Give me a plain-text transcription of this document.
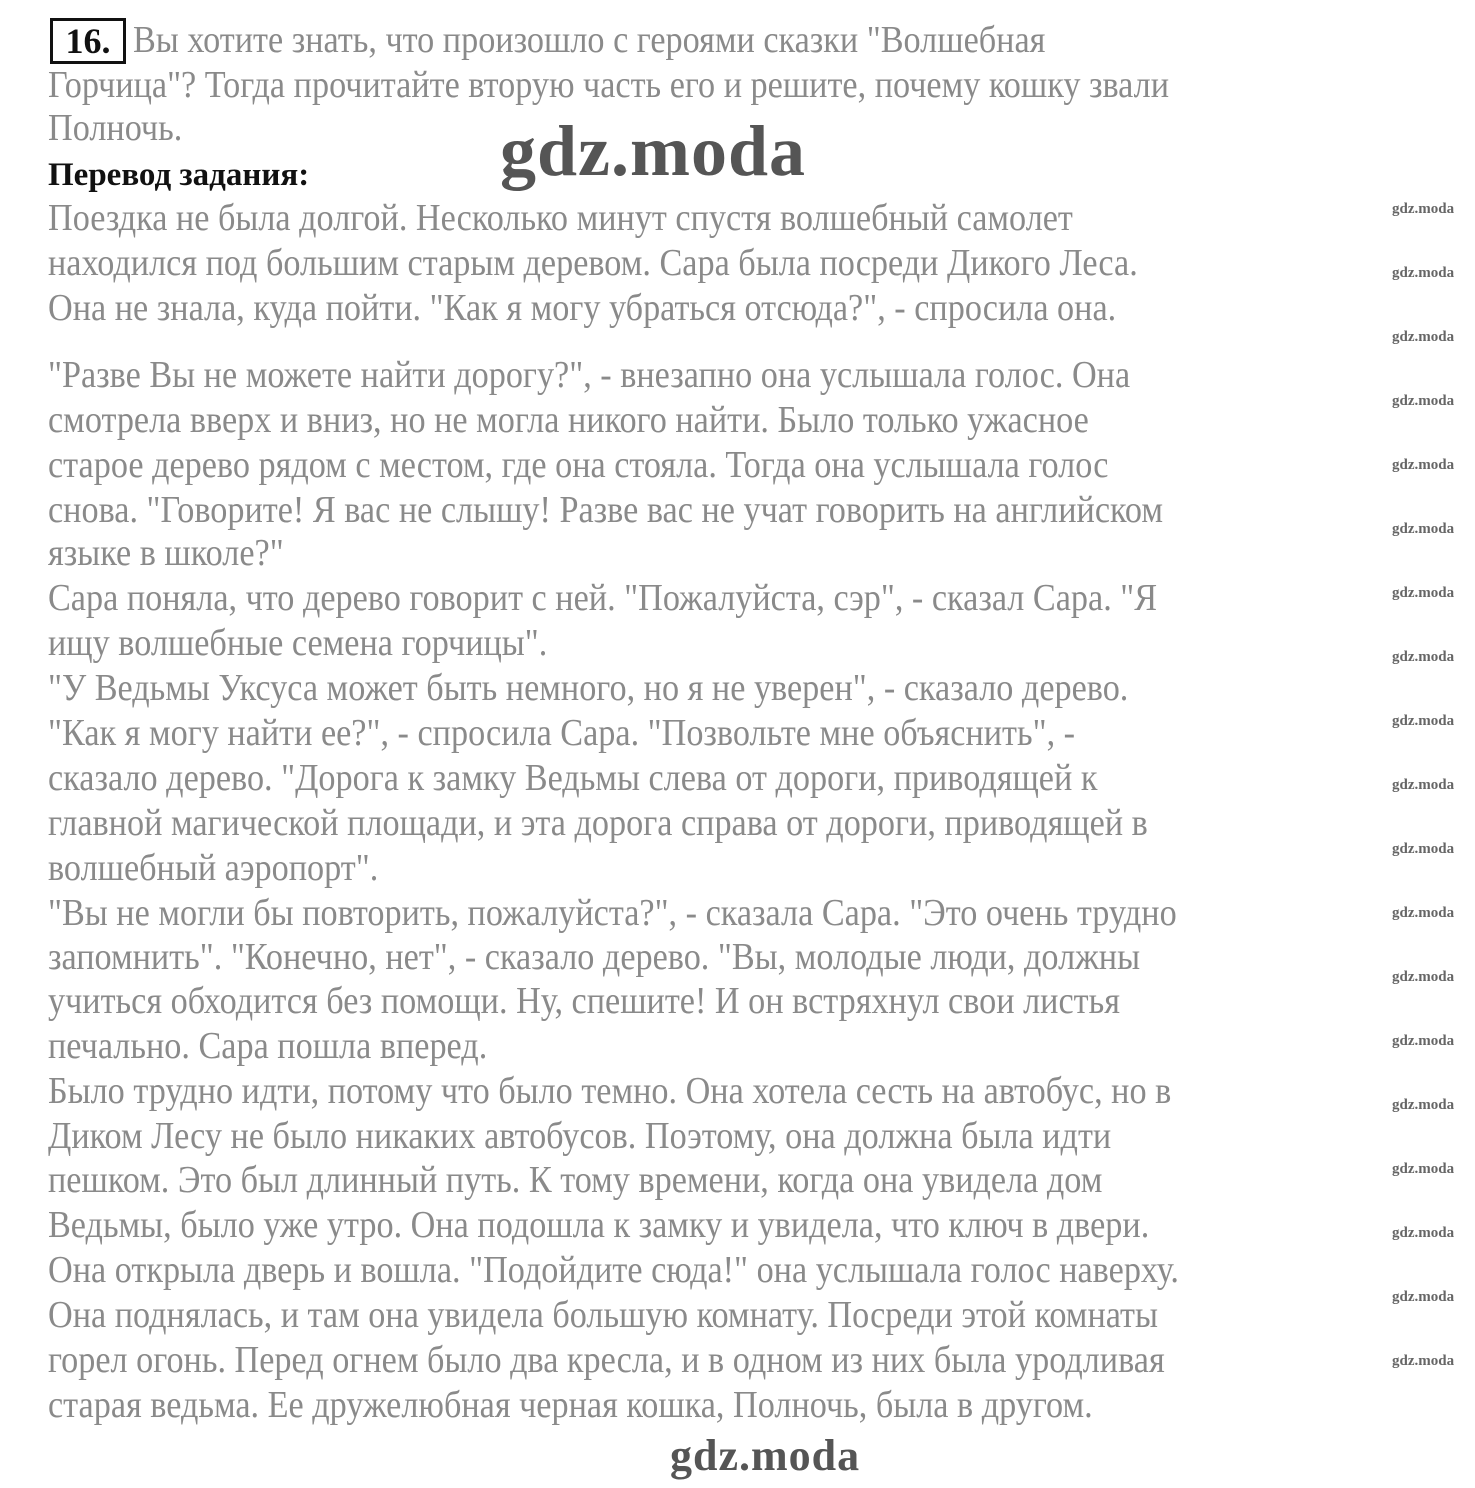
16. Вы хотите знать, что произошло с героями сказки "Волшебная
Горчица"? Тогда прочитайте вторую часть его и решите, почему кошку звали
Полночь.
Перевод задания:
Поездка не была долгой. Несколько минут спустя волшебный самолет
находился под большим старым деревом. Сара была посреди Дикого Леса.
Она не знала, куда пойти. "Как я могу убраться отсюда?", - спросила она.
"Разве Вы не можете найти дорогу?", - внезапно она услышала голос. Она
смотрела вверх и вниз, но не могла никого найти. Было только ужасное
старое дерево рядом с местом, где она стояла. Тогда она услышала голос
снова. "Говорите! Я вас не слышу! Разве вас не учат говорить на английском
языке в школе?"
Сара поняла, что дерево говорит с ней. "Пожалуйста, сэр", - сказал Сара. "Я
ищу волшебные семена горчицы".
"У Ведьмы Уксуса может быть немного, но я не уверен", - сказало дерево.
"Как я могу найти ее?", - спросила Сара. "Позвольте мне объяснить", -
сказало дерево. "Дорога к замку Ведьмы слева от дороги, приводящей к
главной магической площади, и эта дорога справа от дороги, приводящей в
волшебный аэропорт".
"Вы не могли бы повторить, пожалуйста?", - сказала Сара. "Это очень трудно
запомнить". "Конечно, нет", - сказало дерево. "Вы, молодые люди, должны
учиться обходится без помощи. Ну, спешите! И он встряхнул свои листья
печально. Сара пошла вперед.
Было трудно идти, потому что было темно. Она хотела сесть на автобус, но в
Диком Лесу не было никаких автобусов. Поэтому, она должна была идти
пешком. Это был длинный путь. К тому времени, когда она увидела дом
Ведьмы, было уже утро. Она подошла к замку и увидела, что ключ в двери.
Она открыла дверь и вошла. "Подойдите сюда!" она услышала голос наверху.
Она поднялась, и там она увидела большую комнату. Посреди этой комнаты
горел огонь. Перед огнем было два кресла, и в одном из них была уродливая
старая ведьма. Ее дружелюбная черная кошка, Полночь, была в другом.
gdz.moda
gdz.moda
gdz.moda
gdz.moda
gdz.moda
gdz.moda
gdz.moda
gdz.moda
gdz.moda
gdz.moda
gdz.moda
gdz.moda
gdz.moda
gdz.moda
gdz.moda
gdz.moda
gdz.moda
gdz.moda
gdz.moda
gdz.moda
gdz.moda
